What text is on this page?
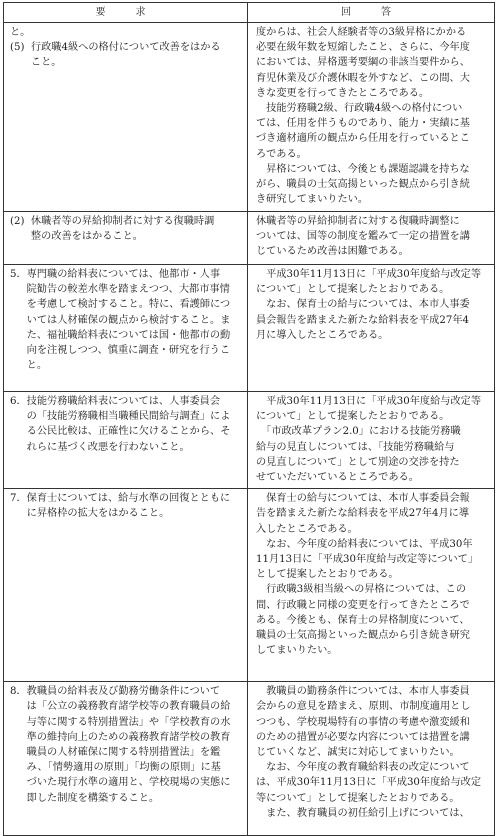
要　求	回　答
と。
(5) 行政職4級への格付について改善をはかる
こと。

度からは、社会人経験者等の3級昇格にかかる
必要在級年数を短縮したこと、さらに、今年度
においては、昇格選考要綱の非該当要件から、
育児休業及び介護休暇を外すなど、この間、大
きな変更を行ってきたところである。

　技能労務職2級、行政職4級への格付につい
ては、任用を伴うものであり、能力・実績に基
づき適材適所の観点から任用を行っているとこ
ろである。

　昇格については、今後とも課題認識を持ちな
がら、職員の士気高揚といった観点から引き続
き研究してまいりたい。

(2) 休職者等の昇給抑制者に対する復職時調
整の改善をはかること。

休職者等の昇給抑制者に対する復職時調整に
ついては、国等の制度を鑑みて一定の措置を講
じているため改善は困難である。

5． 専門職の給料表については、他都市・人事
院勧告の較差水準を踏まえつつ、大都市事情
を考慮して検討すること。特に、看護師につ
いては人材確保の観点から検討すること。ま
た、福祉職給料表については国・他都市の動
向を注視しつつ、慎重に調査・研究を行うこ
と。

　平成30年11月13日に「平成30年度給与改定等
について」として提案したとおりである。

　なお、保育士の給与については、本市人事委
員会報告を踏まえた新たな給料表を平成27年4
月に導入したところである。

6． 技能労務職給料表については、人事委員会
の「技能労務職相当職種民間給与調査」によ
る公民比較は、正確性に欠けることから、そ
れらに基づく改悪を行わないこと。

　平成30年11月13日に「平成30年度給与改定等
について」として提案したとおりである。

　「市政改革プラン2.0」における技能労務職
給与の見直しについては、「技能労務職給与
の見直しについて」として別途の交渉を持た
せていただいているところである。

7． 保育士については、給与水準の回復とともに
に昇格枠の拡大をはかること。

　保育士の給与については、本市人事委員会報
告を踏まえた新たな給料表を平成27年4月に導
入したところである。

　なお、今年度の給料表については、平成30年
11月13日に「平成30年度給与改定等について」
として提案したとおりである。

　行政職3級相当級への昇格については、この
間、行政職と同様の変更を行ってきたところで
ある。今後とも、保育士の昇格制度について、
職員の士気高揚といった観点から引き続き研究
してまいりたい。

8． 教職員の給料表及び勤務労働条件について
は「公立の義務教育諸学校等の教育職員の給
与等に関する特別措置法」や「学校教育の水
準の維持向上のための義務教育諸学校の教育
職員の人材確保に関する特別措置法」を鑑
み、「情勢適用の原則」「均衡の原則」に基
づいた現行水準の適用と、学校現場の実態に
即した制度を構築すること。

　教職員の勤務条件については、本市人事委員
会からの意見を踏まえ、原則、市制度適用とし
つつも、学校現場特有の事情の考慮や激変緩和
のための措置が必要な内容については措置を講
じていくなど、誠実に対応してまいりたい。

　なお、今年度の教育職給料表の改定について
は、平成30年11月13日に「平成30年度給与改定
等について」として提案したとおりである。

　また、教育職員の初任給引上げについては、
